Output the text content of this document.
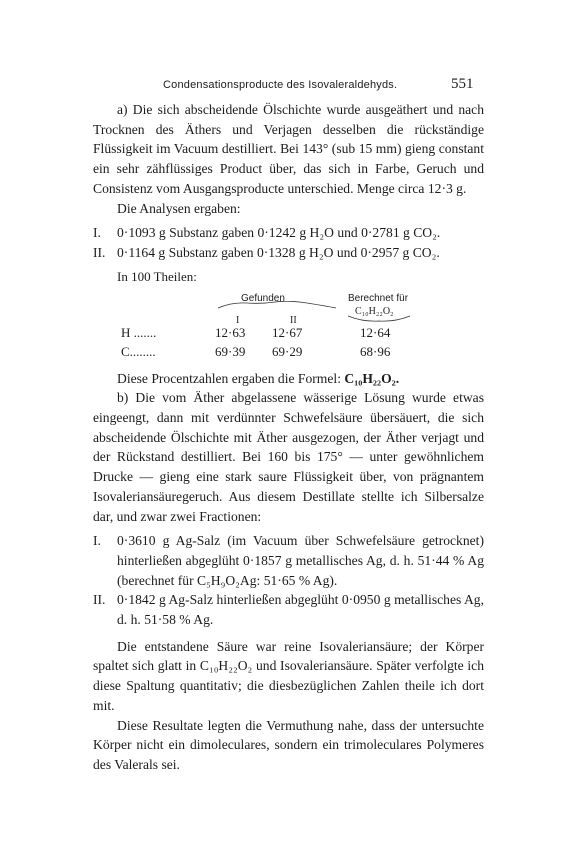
Condensationsproducte des Isovaleraldehyds.	551

a) Die sich abscheidende Ölschichte wurde ausgeäthert und nach Trocknen des Äthers und Verjagen desselben die rückständige Flüssigkeit im Vacuum destilliert. Bei 143° (sub 15 mm) gieng constant ein sehr zähflüssiges Product über, das sich in Farbe, Geruch und Consistenz vom Ausgangsproducte unterschied. Menge circa 12·3 g.

Die Analysen ergaben:

I. 0·1093 g Substanz gaben 0·1242 g H₂O und 0·2781 g CO₂.

II. 0·1164 g Substanz gaben 0·1328 g H₂O und 0·2957 g CO₂.

In 100 Theilen:
Gefunden	Berechnet für
C₁₀H₂₂O₂
I	II
H .......	12·63 12·67	12·64
C........	69·39 69·29	68·96

Diese Procentzahlen ergaben die Formel: C₁₀H₂₂O₂.

b) Die vom Äther abgelassene wässerige Lösung wurde etwas eingeengt, dann mit verdünnter Schwefelsäure übersäuert, die sich abscheidende Ölschichte mit Äther ausgezogen, der Äther verjagt und der Rückstand destilliert. Bei 160 bis 175° — unter gewöhnlichem Drucke — gieng eine stark saure Flüssigkeit über, von prägnantem Isovaleriansäuregeruch. Aus diesem Destillate stellte ich Silbersalze dar, und zwar zwei Fractionen:

I. 0·3610 g Ag-Salz (im Vacuum über Schwefelsäure getrocknet) hinterließen abgeglüht 0·1857 g metallisches Ag, d. h. 51·44 % Ag (berechnet für C₅H₉O₂Ag: 51·65 % Ag).

II. 0·1842 g Ag-Salz hinterließen abgeglüht 0·0950 g metallisches Ag, d. h. 51·58 % Ag.

Die entstandene Säure war reine Isovaleriansäure; der Körper spaltet sich glatt in C₁₀H₂₂O₂ und Isovaleriansäure. Später verfolgte ich diese Spaltung quantitativ; die diesbezüglichen Zahlen theile ich dort mit.

Diese Resultate legten die Vermuthung nahe, dass der untersuchte Körper nicht ein dimoleculares, sondern ein trimoleculares Polymeres des Valerals sei.
